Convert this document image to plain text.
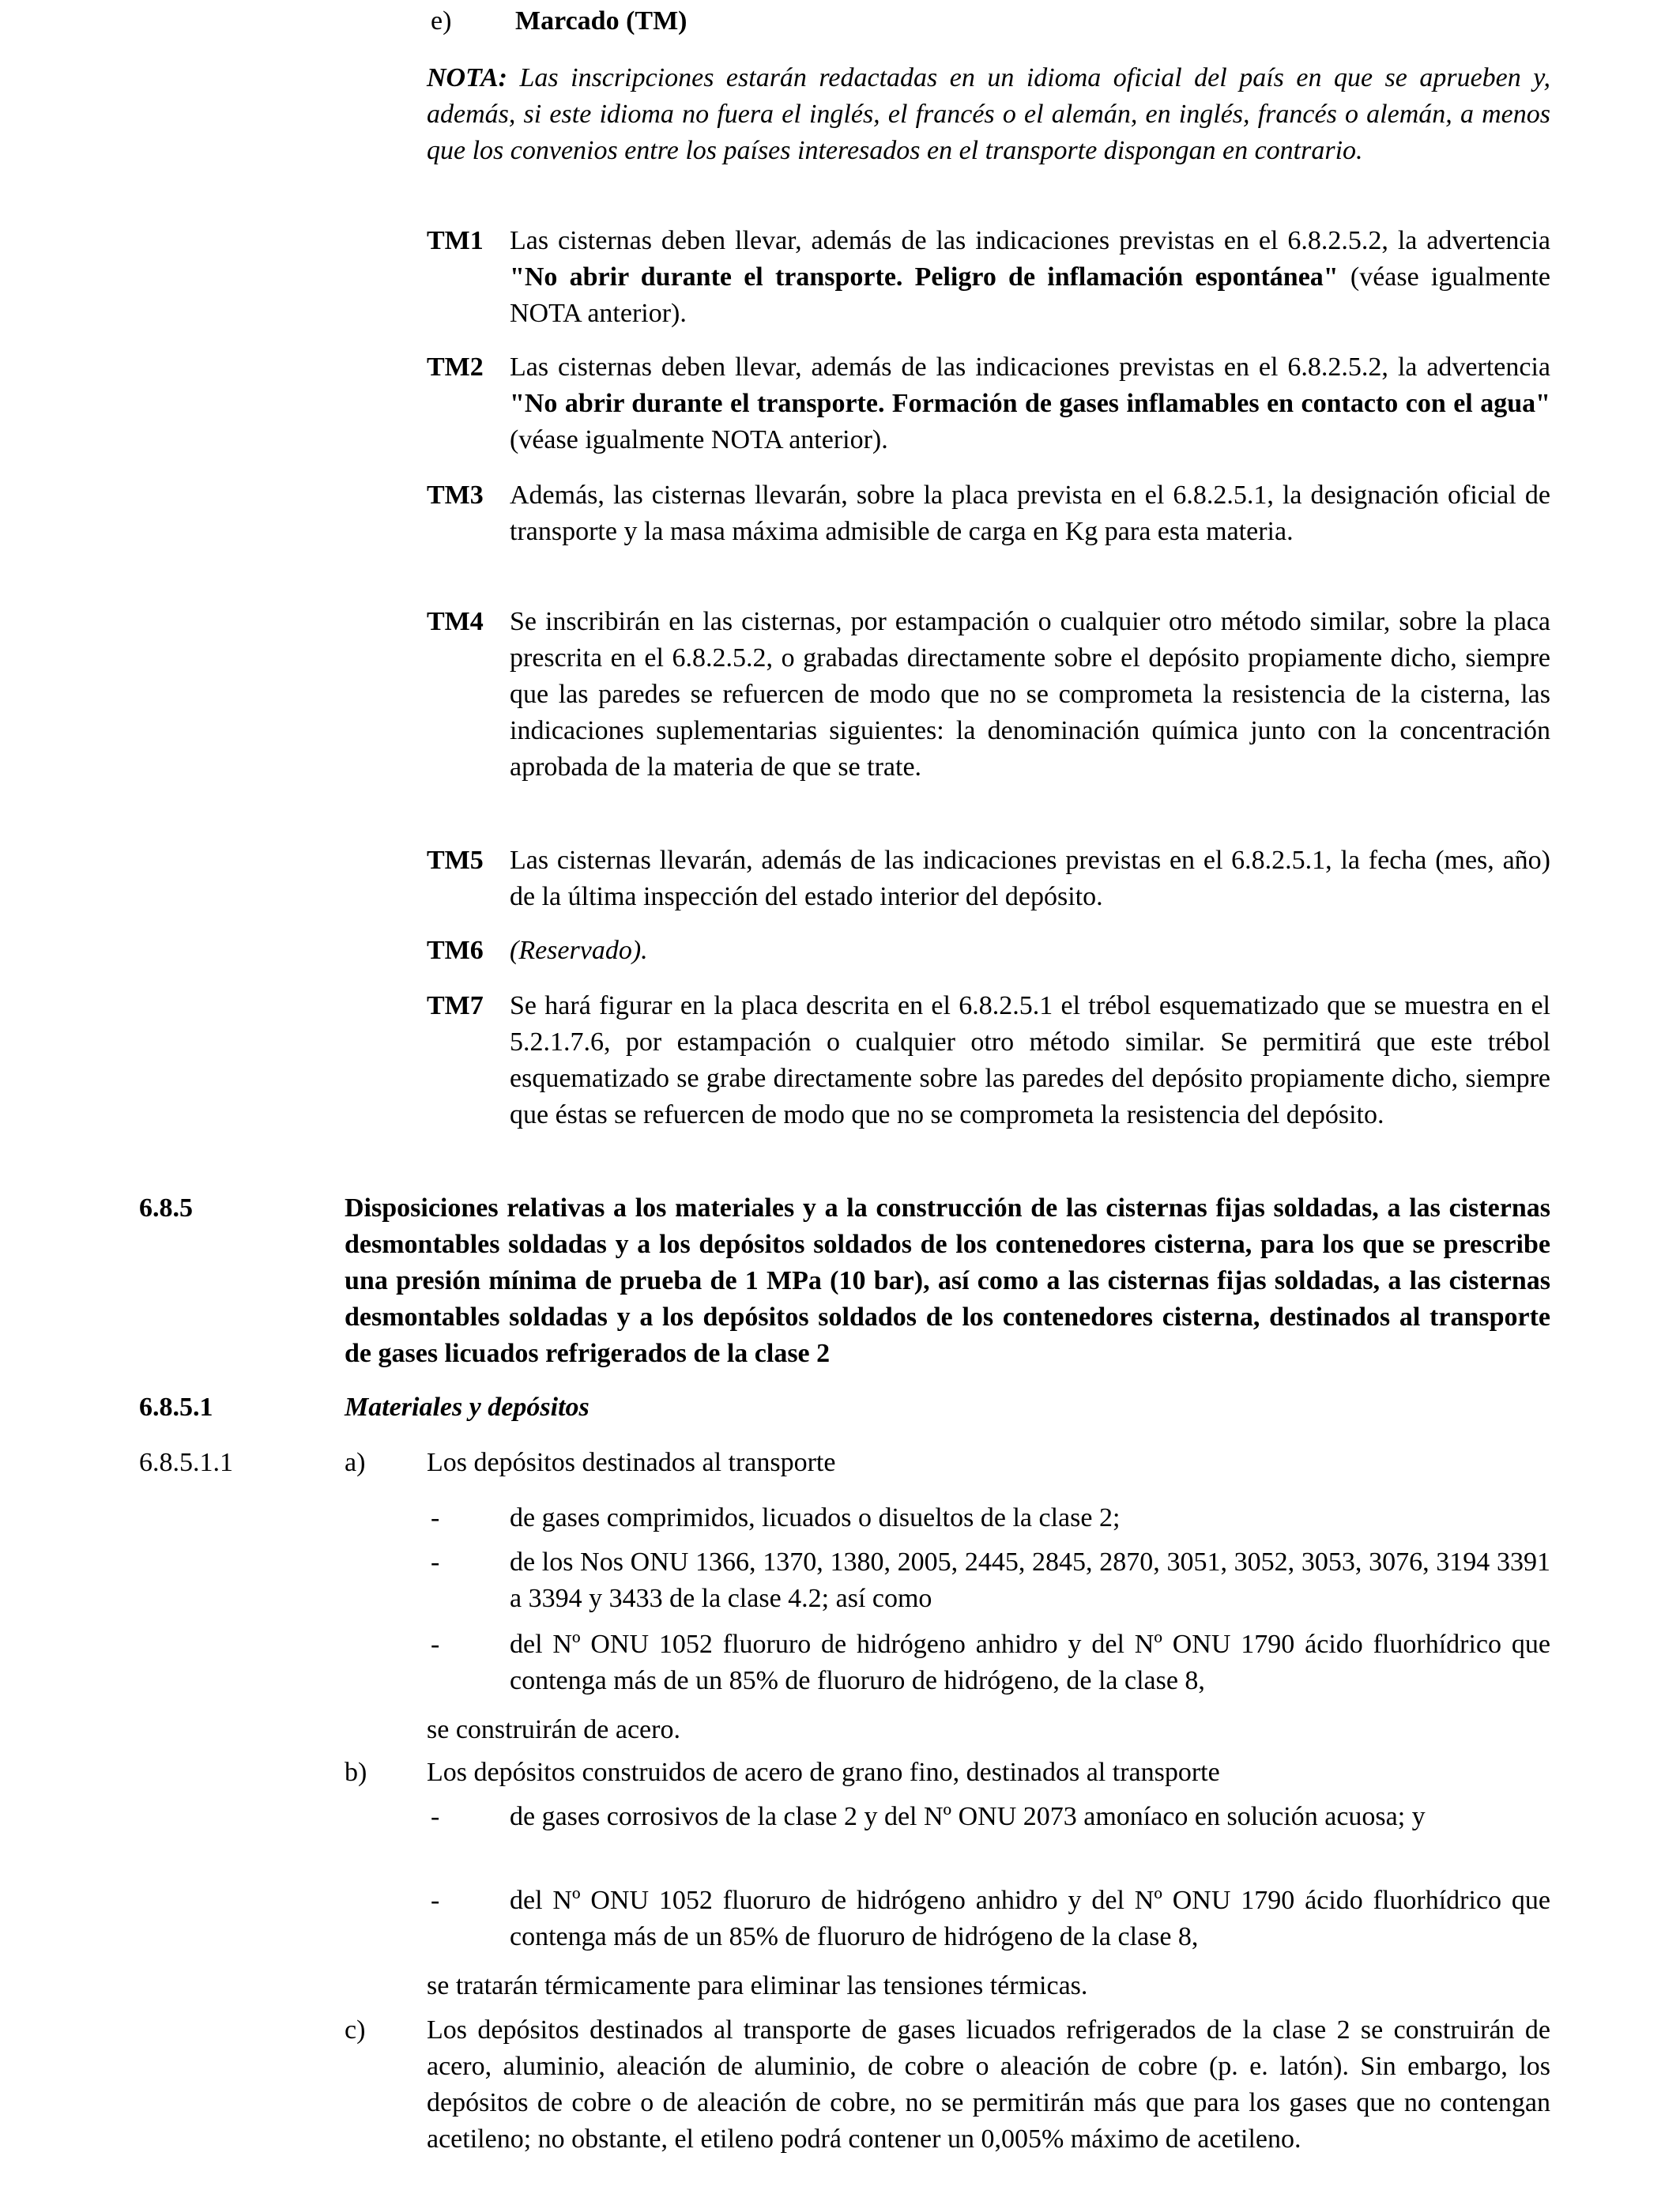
e) Marcado (TM)

NOTA: Las inscripciones estarán redactadas en un idioma oficial del país en que se aprueben y, además, si este idioma no fuera el inglés, el francés o el alemán, en inglés, francés o alemán, a menos que los convenios entre los países interesados en el transporte dispongan en contrario.

TM1 Las cisternas deben llevar, además de las indicaciones previstas en el 6.8.2.5.2, la advertencia "No abrir durante el transporte. Peligro de inflamación espontánea" (véase igualmente NOTA anterior).

TM2 Las cisternas deben llevar, además de las indicaciones previstas en el 6.8.2.5.2, la advertencia "No abrir durante el transporte. Formación de gases inflamables en contacto con el agua" (véase igualmente NOTA anterior).

TM3 Además, las cisternas llevarán, sobre la placa prevista en el 6.8.2.5.1, la designación oficial de transporte y la masa máxima admisible de carga en Kg para esta materia.

TM4 Se inscribirán en las cisternas, por estampación o cualquier otro método similar, sobre la placa prescrita en el 6.8.2.5.2, o grabadas directamente sobre el depósito propiamente dicho, siempre que las paredes se refuercen de modo que no se comprometa la resistencia de la cisterna, las indicaciones suplementarias siguientes: la denominación química junto con la concentración aprobada de la materia de que se trate.

TM5 Las cisternas llevarán, además de las indicaciones previstas en el 6.8.2.5.1, la fecha (mes, año) de la última inspección del estado interior del depósito.

TM6 (Reservado).

TM7 Se hará figurar en la placa descrita en el 6.8.2.5.1 el trébol esquematizado que se muestra en el 5.2.1.7.6, por estampación o cualquier otro método similar. Se permitirá que este trébol esquematizado se grabe directamente sobre las paredes del depósito propiamente dicho, siempre que éstas se refuercen de modo que no se comprometa la resistencia del depósito.

6.8.5	Disposiciones relativas a los materiales y a la construcción de las cisternas fijas soldadas, a las cisternas desmontables soldadas y a los depósitos soldados de los contenedores cisterna, para los que se prescribe una presión mínima de prueba de 1 MPa (10 bar), así como a las cisternas fijas soldadas, a las cisternas desmontables soldadas y a los depósitos soldados de los contenedores cisterna, destinados al transporte de gases licuados refrigerados de la clase 2

6.8.5.1	Materiales y depósitos
6.8.5.1.1	a) Los depósitos destinados al transporte
-	de gases comprimidos, licuados o disueltos de la clase 2;

-	de los Nos ONU 1366, 1370, 1380, 2005, 2445, 2845, 2870, 3051, 3052, 3053, 3076, 3194 3391 a 3394 y 3433 de la clase 4.2; así como

-	del Nº ONU 1052 fluoruro de hidrógeno anhidro y del Nº ONU 1790 ácido fluorhídrico que contenga más de un 85% de fluoruro de hidrógeno, de la clase 8,

se construirán de acero.
b) Los depósitos construidos de acero de grano fino, destinados al transporte
-	de gases corrosivos de la clase 2 y del Nº ONU 2073 amoníaco en solución acuosa; y

-	del Nº ONU 1052 fluoruro de hidrógeno anhidro y del Nº ONU 1790 ácido fluorhídrico que contenga más de un 85% de fluoruro de hidrógeno de la clase 8,

se tratarán térmicamente para eliminar las tensiones térmicas.
c) Los depósitos destinados al transporte de gases licuados refrigerados de la clase 2 se construirán de acero, aluminio, aleación de aluminio, de cobre o aleación de cobre (p. e. latón). Sin embargo, los depósitos de cobre o de aleación de cobre, no se permitirán más que para los gases que no contengan acetileno; no obstante, el etileno podrá contener un 0,005% máximo de acetileno.
